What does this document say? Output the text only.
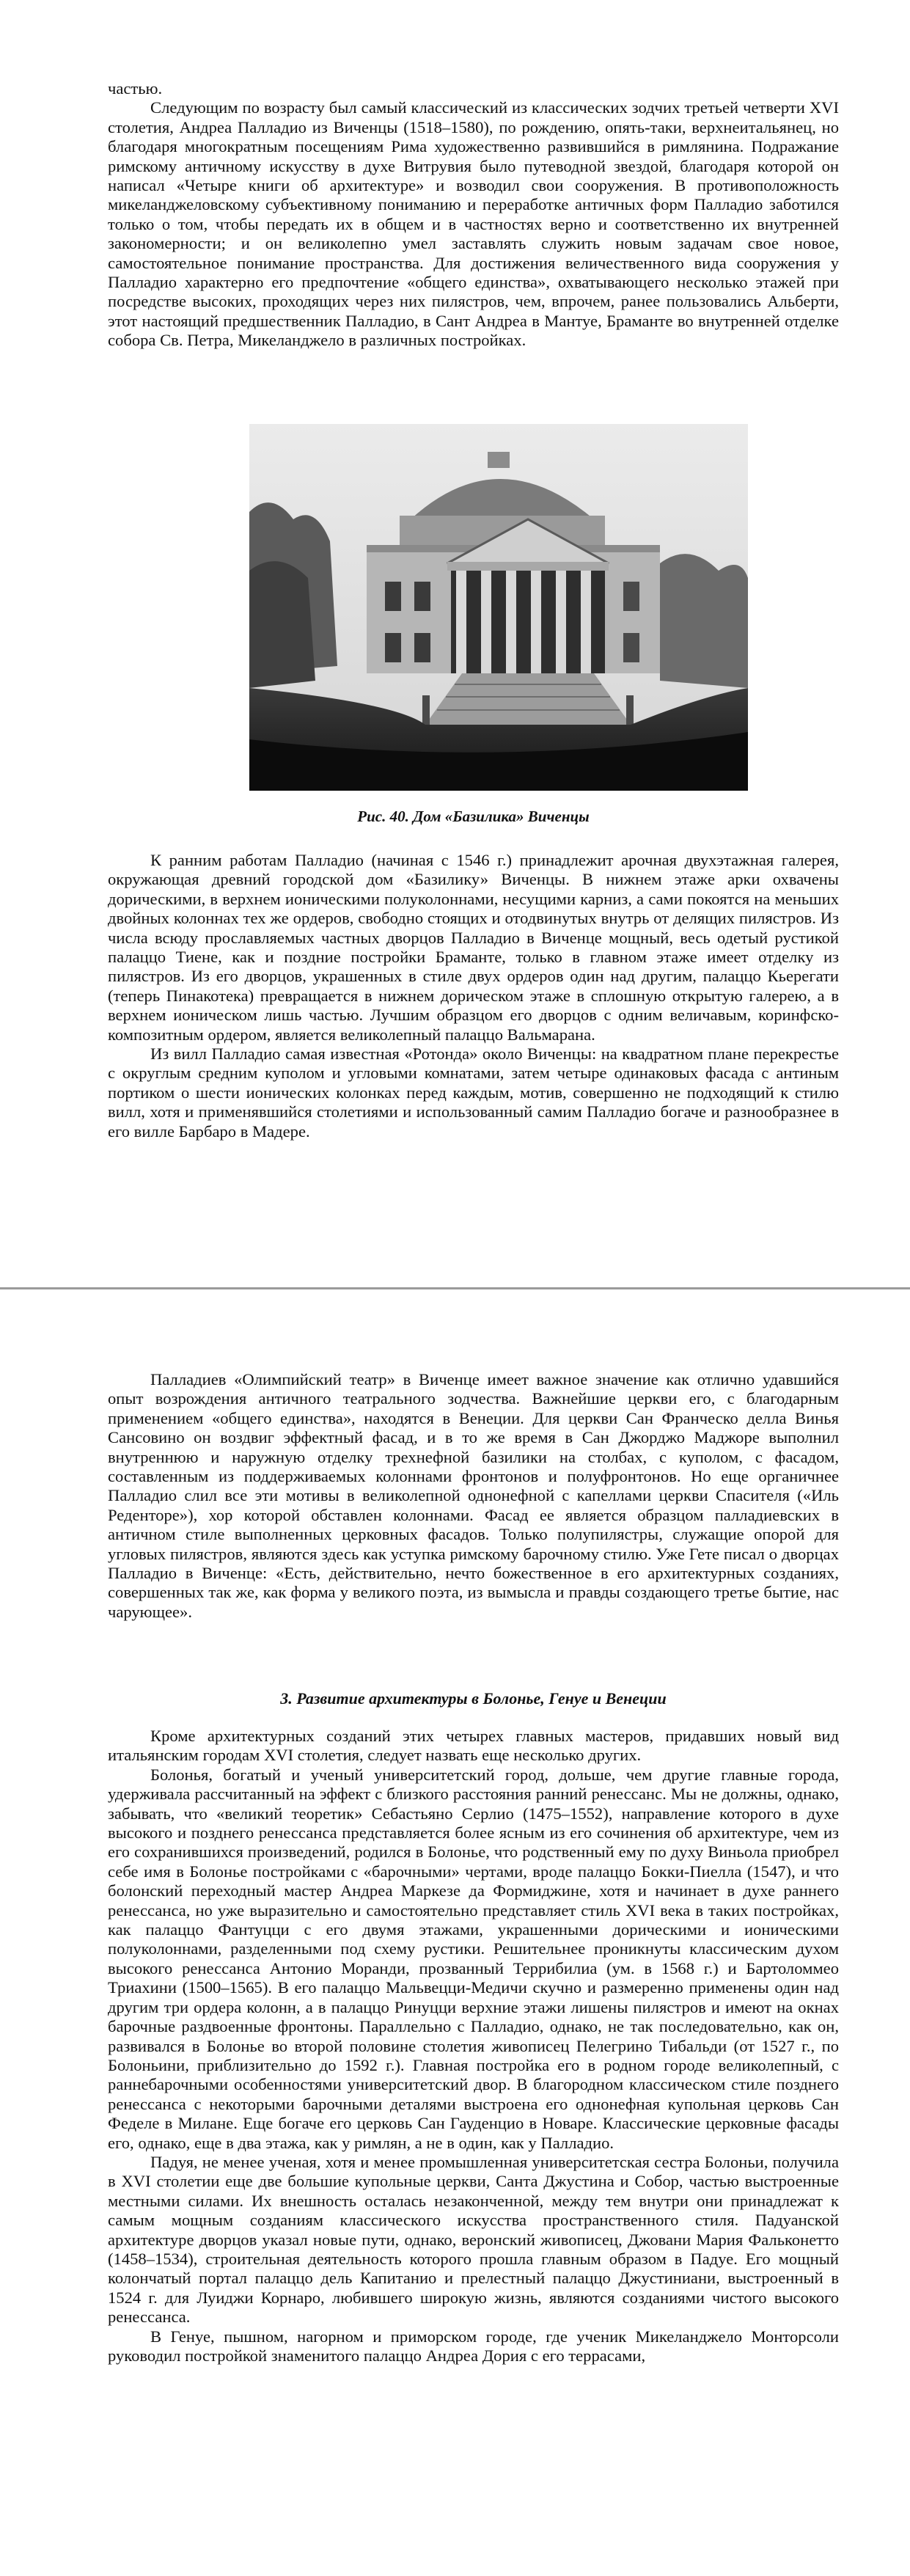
частью.

Следующим по возрасту был самый классический из классических зодчих третьей четверти XVI столетия, Андреа Палладио из Виченцы (1518–1580), по рождению, опять-таки, верхнеитальянец, но благодаря многократным посещениям Рима художественно развившийся в римлянина. Подражание римскому античному искусству в духе Витрувия было путеводной звездой, благодаря которой он написал «Четыре книги об архитектуре» и возводил свои сооружения. В противоположность микеланджеловскому субъективному пониманию и переработке античных форм Палладио заботился только о том, чтобы передать их в общем и в частностях верно и соответственно их внутренней закономерности; и он великолепно умел заставлять служить новым задачам свое новое, самостоятельное понимание пространства. Для достижения величественного вида сооружения у Палладио характерно его предпочтение «общего единства», охватывающего несколько этажей при посредстве высоких, проходящих через них пилястров, чем, впрочем, ранее пользовались Альберти, этот настоящий предшественник Палладио, в Сант Андреа в Мантуе, Браманте во внутренней отделке собора Св. Петра, Микеланджело в различных постройках.

Рис. 40. Дом «Базилика» Виченцы

К ранним работам Палладио (начиная с 1546 г.) принадлежит арочная двухэтажная галерея, окружающая древний городской дом «Базилику» Виченцы. В нижнем этаже арки охвачены дорическими, в верхнем ионическими полуколоннами, несущими карниз, а сами покоятся на меньших двойных колоннах тех же ордеров, свободно стоящих и отодвинутых внутрь от делящих пилястров. Из числа всюду прославляемых частных дворцов Палладио в Виченце мощный, весь одетый рустикой палаццо Тиене, как и поздние постройки Браманте, только в главном этаже имеет отделку из пилястров. Из его дворцов, украшенных в стиле двух ордеров один над другим, палаццо Кьерегати (теперь Пинакотека) превращается в нижнем дорическом этаже в сплошную открытую галерею, а в верхнем ионическом лишь частью. Лучшим образцом его дворцов с одним величавым, коринфско-композитным ордером, является великолепный палаццо Вальмарана.

Из вилл Палладио самая известная «Ротонда» около Виченцы: на квадратном плане перекрестье с округлым средним куполом и угловыми комнатами, затем четыре одинаковых фасада с антиным портиком о шести ионических колонках перед каждым, мотив, совершенно не подходящий к стилю вилл, хотя и применявшийся столетиями и использованный самим Палладио богаче и разнообразнее в его вилле Барбаро в Мадере.

Палладиев «Олимпийский театр» в Виченце имеет важное значение как отлично удавшийся опыт возрождения античного театрального зодчества. Важнейшие церкви его, с благодарным применением «общего единства», находятся в Венеции. Для церкви Сан Франческо делла Винья Сансовино он воздвиг эффектный фасад, и в то же время в Сан Джорджо Маджоре выполнил внутреннюю и наружную отделку трехнефной базилики на столбах, с куполом, с фасадом, составленным из поддерживаемых колоннами фронтонов и полуфронтонов. Но еще органичнее Палладио слил все эти мотивы в великолепной однонефной с капеллами церкви Спасителя («Иль Реденторе»), хор которой обставлен колоннами. Фасад ее является образцом палладиевских в античном стиле выполненных церковных фасадов. Только полупилястры, служащие опорой для угловых пилястров, являются здесь как уступка римскому барочному стилю. Уже Гете писал о дворцах Палладио в Виченце: «Есть, действительно, нечто божественное в его архитектурных созданиях, совершенных так же, как форма у великого поэта, из вымысла и правды создающего третье бытие, нас чарующее».

3. Развитие архитектуры в Болонье, Генуе и Венеции

Кроме архитектурных созданий этих четырех главных мастеров, придавших новый вид итальянским городам XVI столетия, следует назвать еще несколько других.

Болонья, богатый и ученый университетский город, дольше, чем другие главные города, удерживала рассчитанный на эффект с близкого расстояния ранний ренессанс. Мы не должны, однако, забывать, что «великий теоретик» Себастьяно Серлио (1475–1552), направление которого в духе высокого и позднего ренессанса представляется более ясным из его сочинения об архитектуре, чем из его сохранившихся произведений, родился в Болонье, что родственный ему по духу Виньола приобрел себе имя в Болонье постройками с «барочными» чертами, вроде палаццо Бокки-Пиелла (1547), и что болонский переходный мастер Андреа Маркезе да Формиджине, хотя и начинает в духе раннего ренессанса, но уже выразительно и самостоятельно представляет стиль XVI века в таких постройках, как палаццо Фантуцци с его двумя этажами, украшенными дорическими и ионическими полуколоннами, разделенными под схему рустики. Решительнее проникнуты классическим духом высокого ренессанса Антонио Моранди, прозванный Террибилиа (ум. в 1568 г.) и Бартоломмео Триахини (1500–1565). В его палаццо Мальвецци-Медичи скучно и размеренно применены один над другим три ордера колонн, а в палаццо Ринуцци верхние этажи лишены пилястров и имеют на окнах барочные раздвоенные фронтоны. Параллельно с Палладио, однако, не так последовательно, как он, развивался в Болонье во второй половине столетия живописец Пелегрино Тибальди (от 1527 г., по Болоньини, приблизительно до 1592 г.). Главная постройка его в родном городе великолепный, с раннебарочными особенностями университетский двор. В благородном классическом стиле позднего ренессанса с некоторыми барочными деталями выстроена его однонефная купольная церковь Сан Феделе в Милане. Еще богаче его церковь Сан Гауденцио в Новаре. Классические церковные фасады его, однако, еще в два этажа, как у римлян, а не в один, как у Палладио.

Падуя, не менее ученая, хотя и менее промышленная университетская сестра Болоньи, получила в XVI столетии еще две большие купольные церкви, Санта Джустина и Собор, частью выстроенные местными силами. Их внешность осталась незаконченной, между тем внутри они принадлежат к самым мощным созданиям классического искусства пространственного стиля. Падуанской архитектуре дворцов указал новые пути, однако, веронский живописец, Джовани Мария Фальконетто (1458–1534), строительная деятельность которого прошла главным образом в Падуе. Его мощный колончатый портал палаццо дель Капитанио и прелестный палаццо Джустиниани, выстроенный в 1524 г. для Луиджи Корнаро, любившего широкую жизнь, являются созданиями чистого высокого ренессанса.

В Генуе, пышном, нагорном и приморском городе, где ученик Микеланджело Монторсоли руководил постройкой знаменитого палаццо Андреа Дория с его террасами,
